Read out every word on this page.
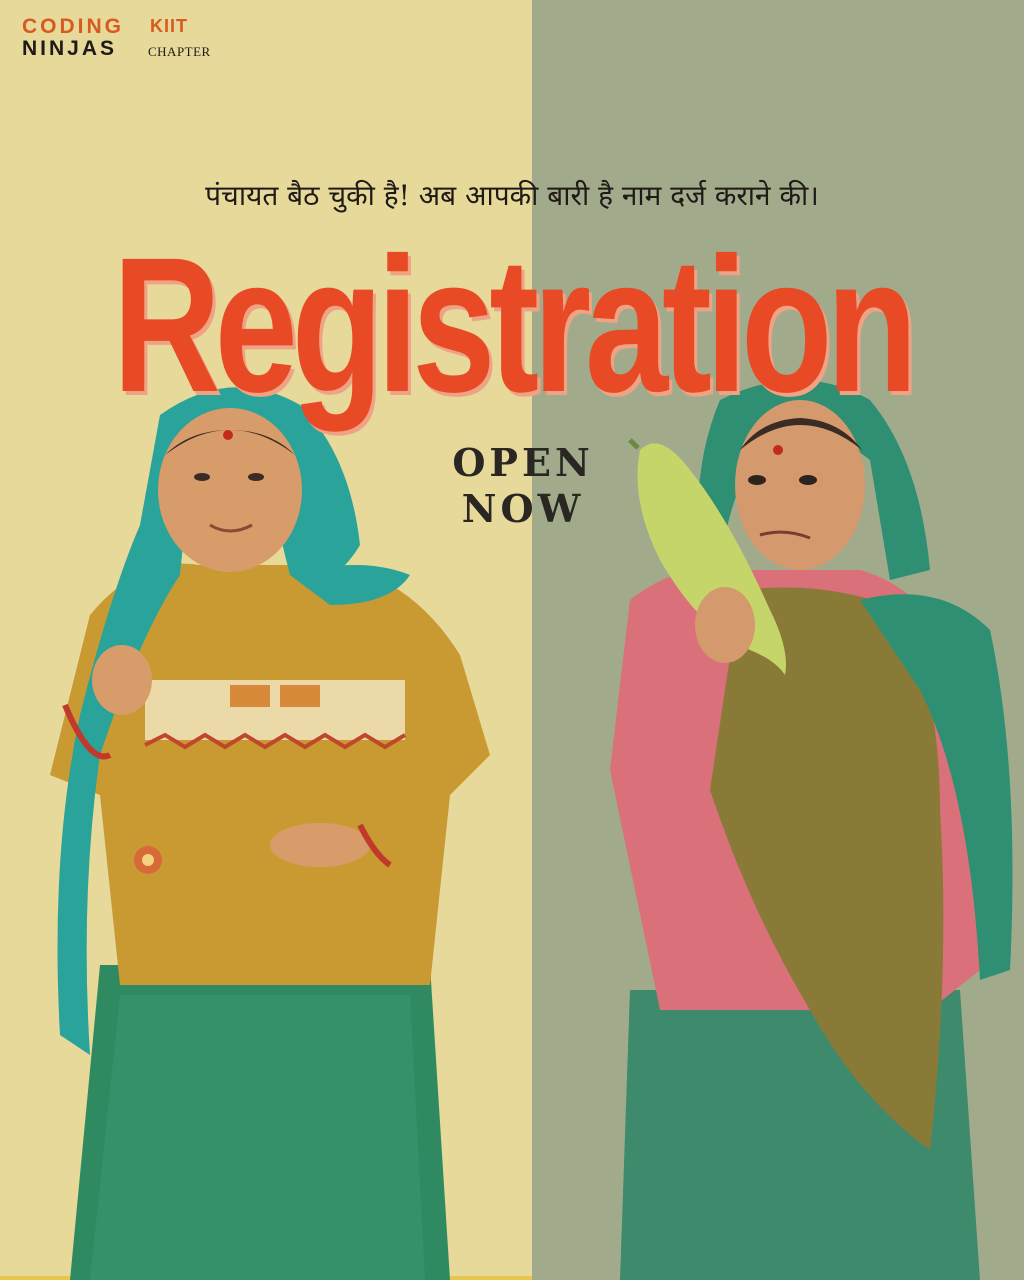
CODING
NINJAS
KIIT
CHAPTER
पंचायत बैठ चुकी है! अब आपकी बारी है नाम दर्ज कराने की।
Registration
OPEN
NOW
